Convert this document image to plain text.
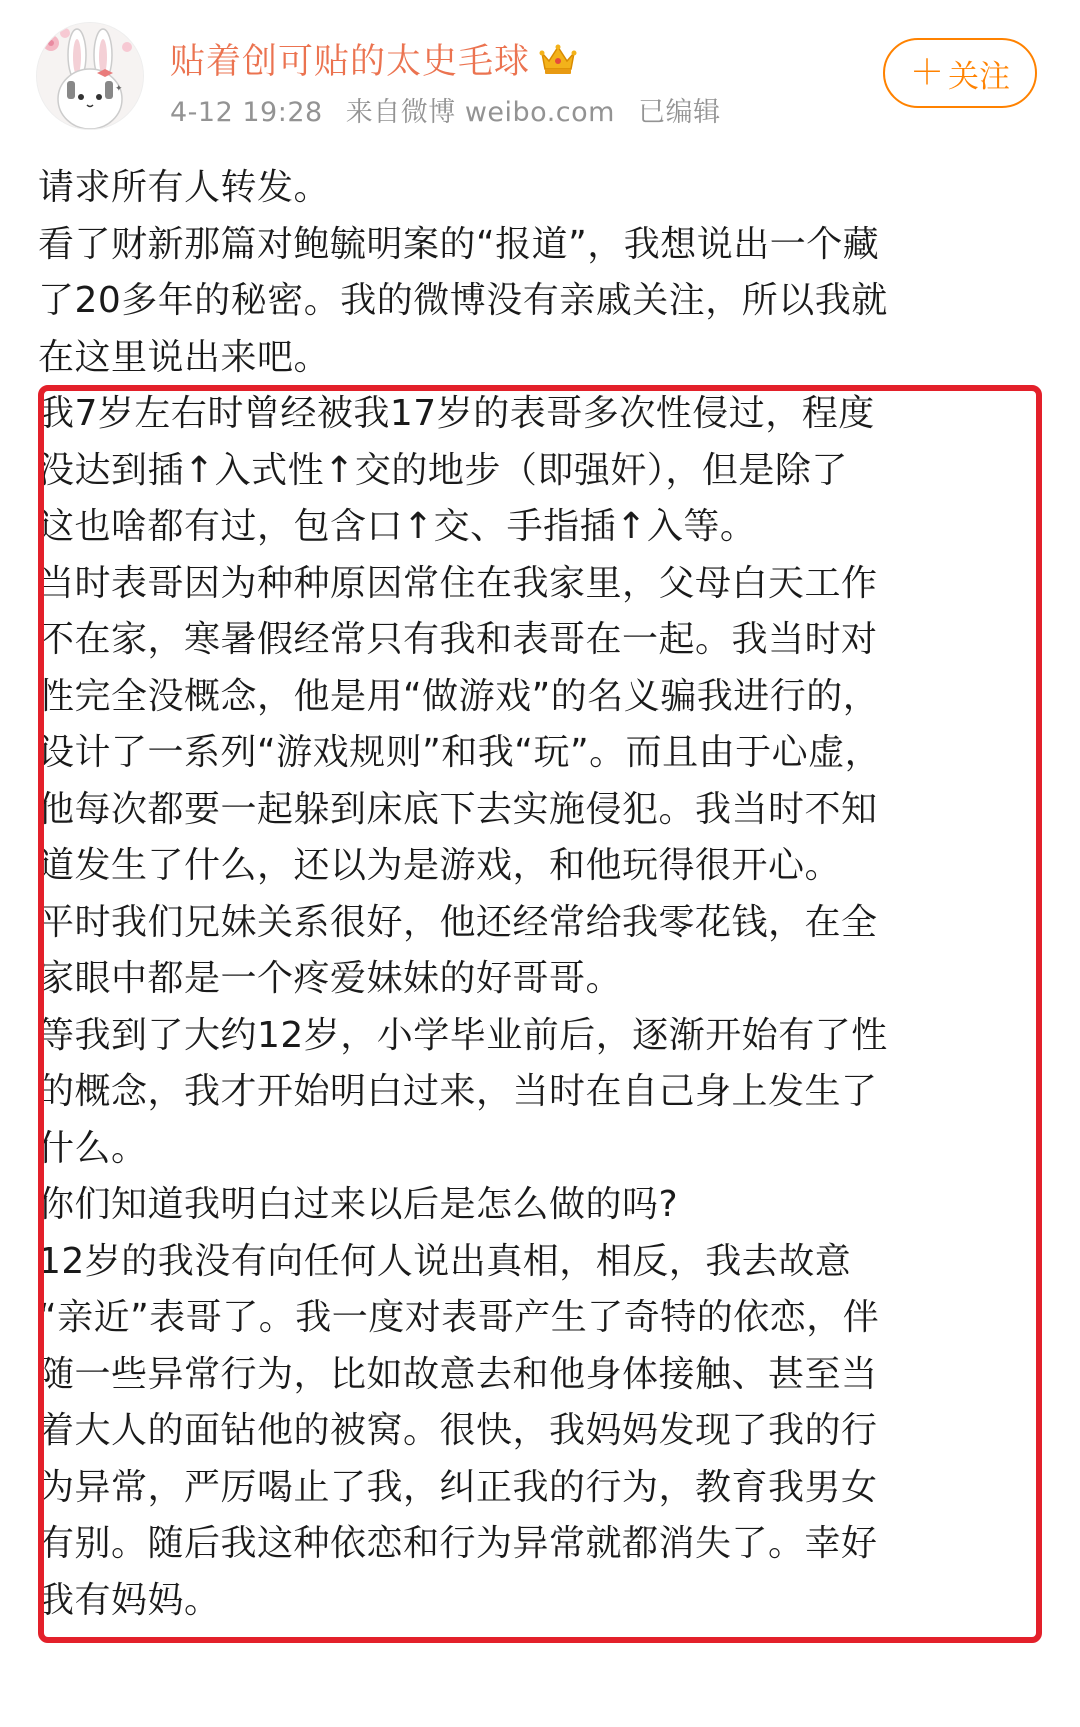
✦
贴着创可贴的太史毛球
4-12 19:28 来自微博 weibo.com 已编辑
＋ 关注

请求所有人转发。

看了财新那篇对鲍毓明案的“报道”，我想说出一个藏

了20多年的秘密。我的微博没有亲戚关注，所以我就

在这里说出来吧。

我7岁左右时曾经被我17岁的表哥多次性侵过，程度

没达到插↑入式性↑交的地步（即强奸），但是除了

这也啥都有过，包含口↑交、手指插↑入等。

当时表哥因为种种原因常住在我家里，父母白天工作

不在家，寒暑假经常只有我和表哥在一起。我当时对

性完全没概念，他是用“做游戏”的名义骗我进行的，

设计了一系列“游戏规则”和我“玩”。而且由于心虚，

他每次都要一起躲到床底下去实施侵犯。我当时不知

道发生了什么，还以为是游戏，和他玩得很开心。

平时我们兄妹关系很好，他还经常给我零花钱，在全

家眼中都是一个疼爱妹妹的好哥哥。

等我到了大约12岁，小学毕业前后，逐渐开始有了性

的概念，我才开始明白过来，当时在自己身上发生了

什么。

你们知道我明白过来以后是怎么做的吗?

12岁的我没有向任何人说出真相，相反，我去故意

“亲近”表哥了。我一度对表哥产生了奇特的依恋，伴

随一些异常行为，比如故意去和他身体接触、甚至当

着大人的面钻他的被窝。很快，我妈妈发现了我的行

为异常，严厉喝止了我，纠正我的行为，教育我男女

有别。随后我这种依恋和行为异常就都消失了。幸好

我有妈妈。
